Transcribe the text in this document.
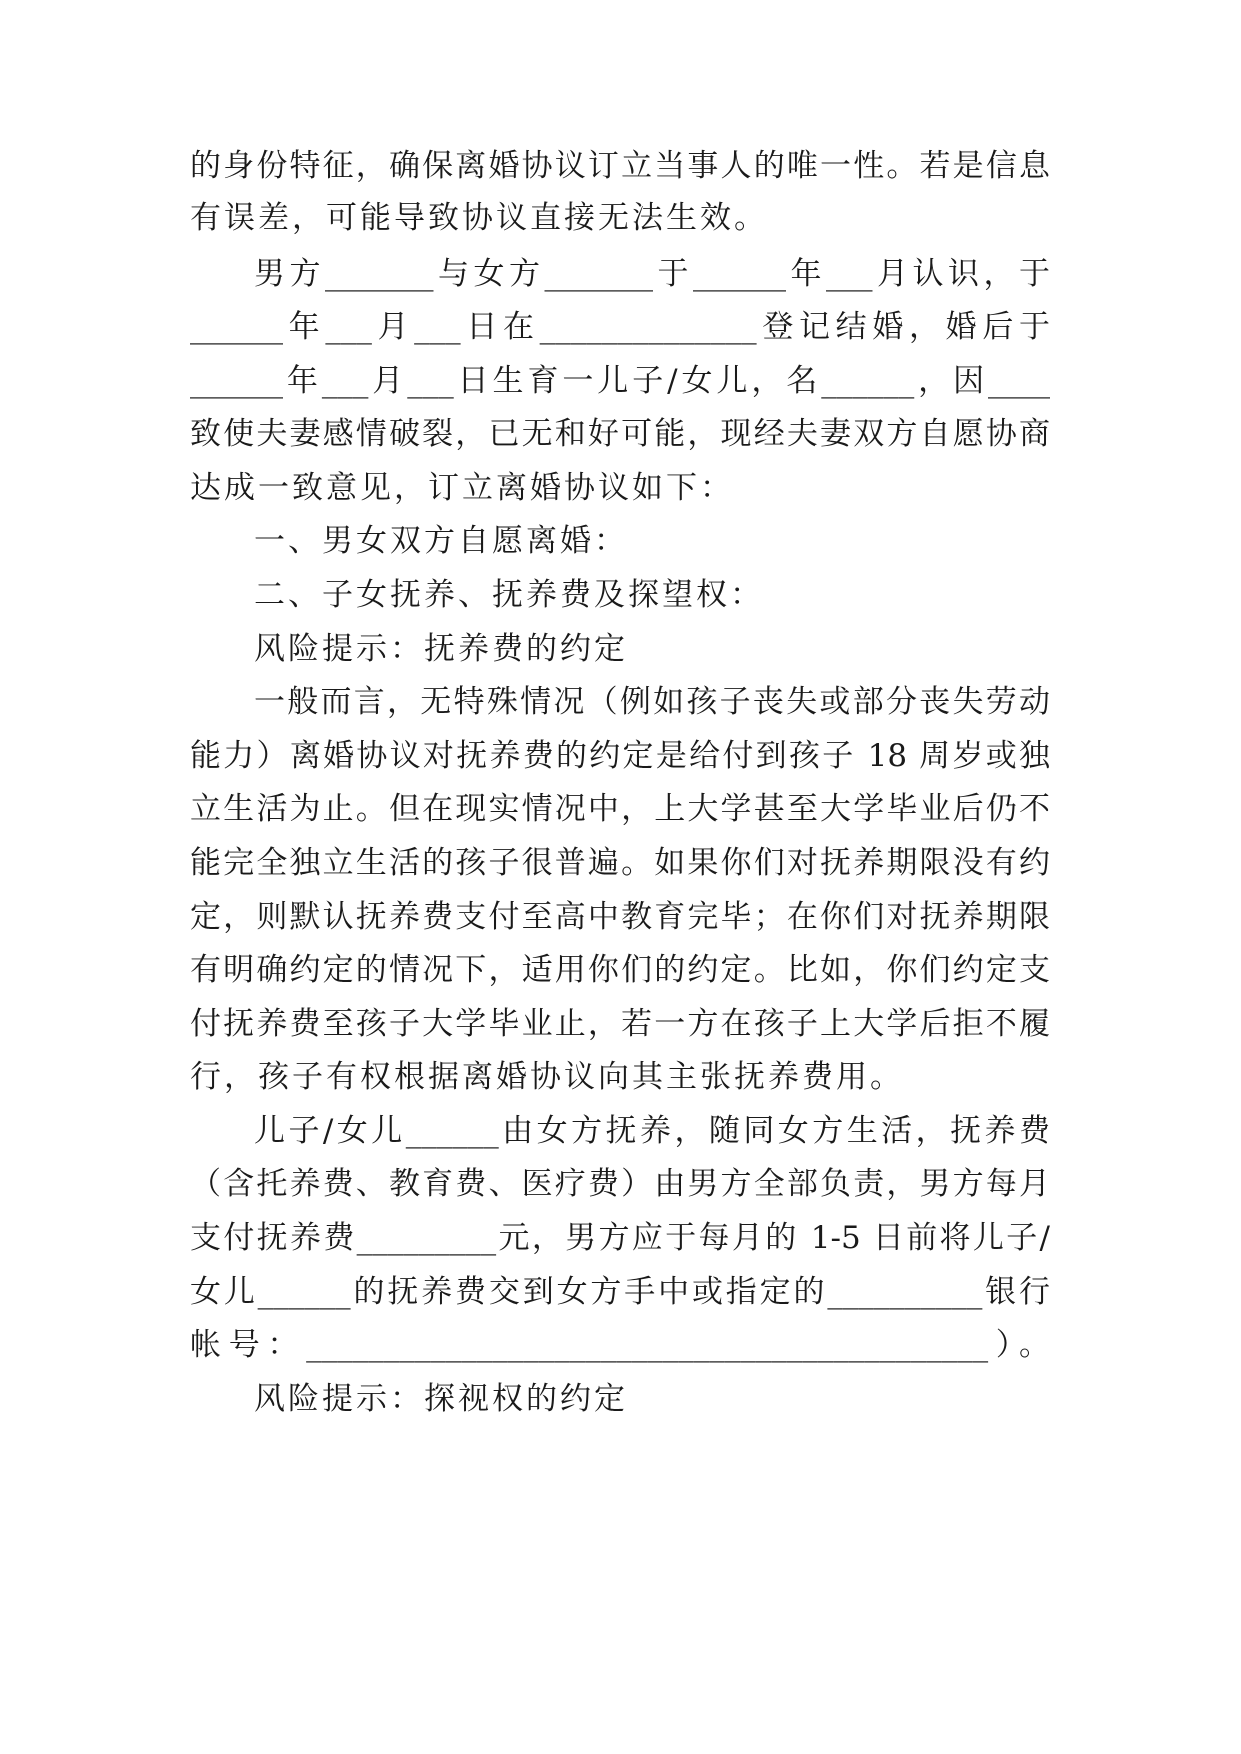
的身份特征，确保离婚协议订立当事人的唯一性。若是信息
有误差，可能导致协议直接无法生效。
男方_______与女方_______于______年___月认识，于
______年___月___日在______________登记结婚，婚后于
______年___月___日生育一儿子/女儿，名______，因____
致使夫妻感情破裂，已无和好可能，现经夫妻双方自愿协商
达成一致意见，订立离婚协议如下：
一、男女双方自愿离婚：
二、子女抚养、抚养费及探望权：
风险提示：抚养费的约定
一般而言，无特殊情况（例如孩子丧失或部分丧失劳动
能力）离婚协议对抚养费的约定是给付到孩子 18 周岁或独
立生活为止。但在现实情况中，上大学甚至大学毕业后仍不
能完全独立生活的孩子很普遍。如果你们对抚养期限没有约
定，则默认抚养费支付至高中教育完毕；在你们对抚养期限
有明确约定的情况下，适用你们的约定。比如，你们约定支
付抚养费至孩子大学毕业止，若一方在孩子上大学后拒不履
行，孩子有权根据离婚协议向其主张抚养费用。
儿子/女儿______由女方抚养，随同女方生活，抚养费
（含托养费、教育费、医疗费）由男方全部负责，男方每月
支付抚养费_________元，男方应于每月的 1-5 日前将儿子/
女儿______的抚养费交到女方手中或指定的__________银行
帐号：____________________________________________）。
风险提示：探视权的约定
